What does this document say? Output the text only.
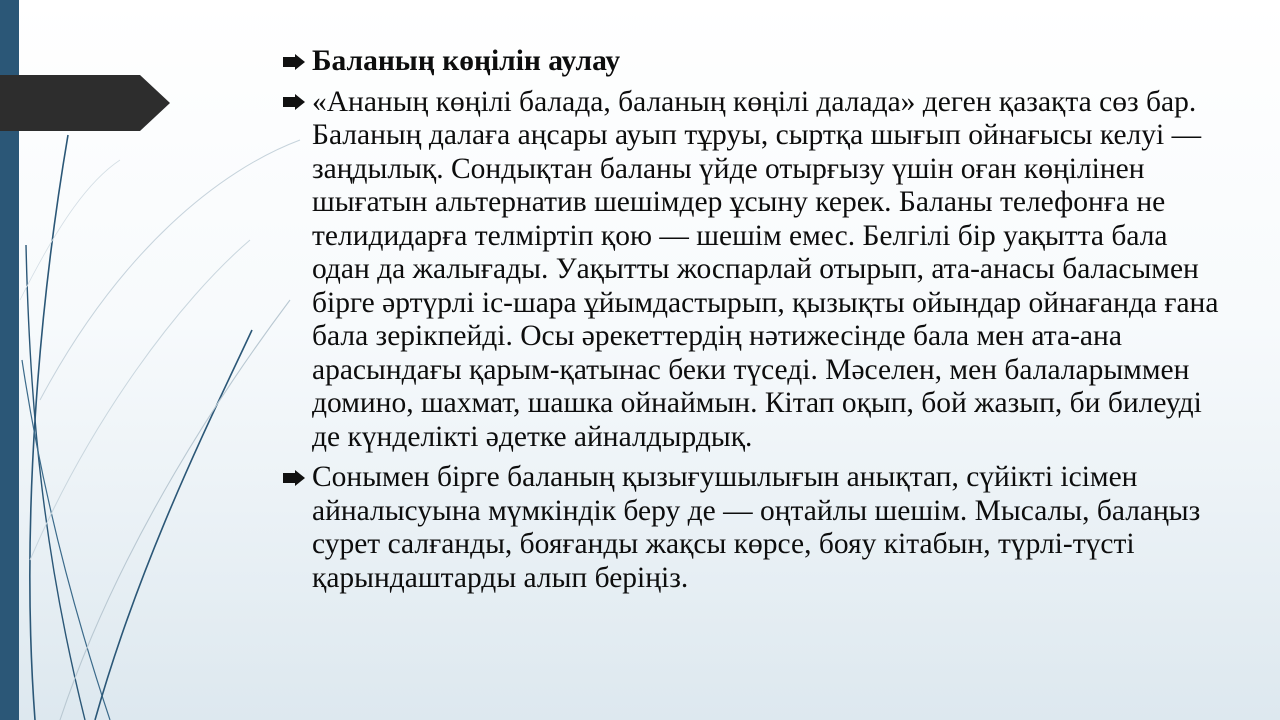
Баланың көңілін аулау
«Ананың көңілі балада, баланың көңілі далада» деген қазақта сөз бар. Баланың далаға аңсары ауып тұруы, сыртқа шығып ойнағысы келуі — заңдылық. Сондықтан баланы үйде отырғызу үшін оған көңілінен шығатын альтернатив шешімдер ұсыну керек. Баланы телефонға не телидидарға телміртіп қою — шешім емес. Белгілі бір уақытта бала одан да жалығады. Уақытты жоспарлай отырып, ата-анасы баласымен бірге әртүрлі іс-шара ұйымдастырып, қызықты ойындар ойнағанда ғана бала зерікпейді. Осы әрекеттердің нәтижесінде бала мен ата-ана арасындағы қарым-қатынас беки түседі. Мәселен, мен балаларыммен домино, шахмат, шашка ойнаймын. Кітап оқып, бой жазып, би билеуді де күнделікті әдетке айналдырдық.
Сонымен бірге баланың қызығушылығын анықтап, сүйікті ісімен айналысуына мүмкіндік беру де — оңтайлы шешім. Мысалы, балаңыз сурет салғанды, бояғанды жақсы көрсе, бояу кітабын, түрлі-түсті қарындаштарды алып беріңіз.
